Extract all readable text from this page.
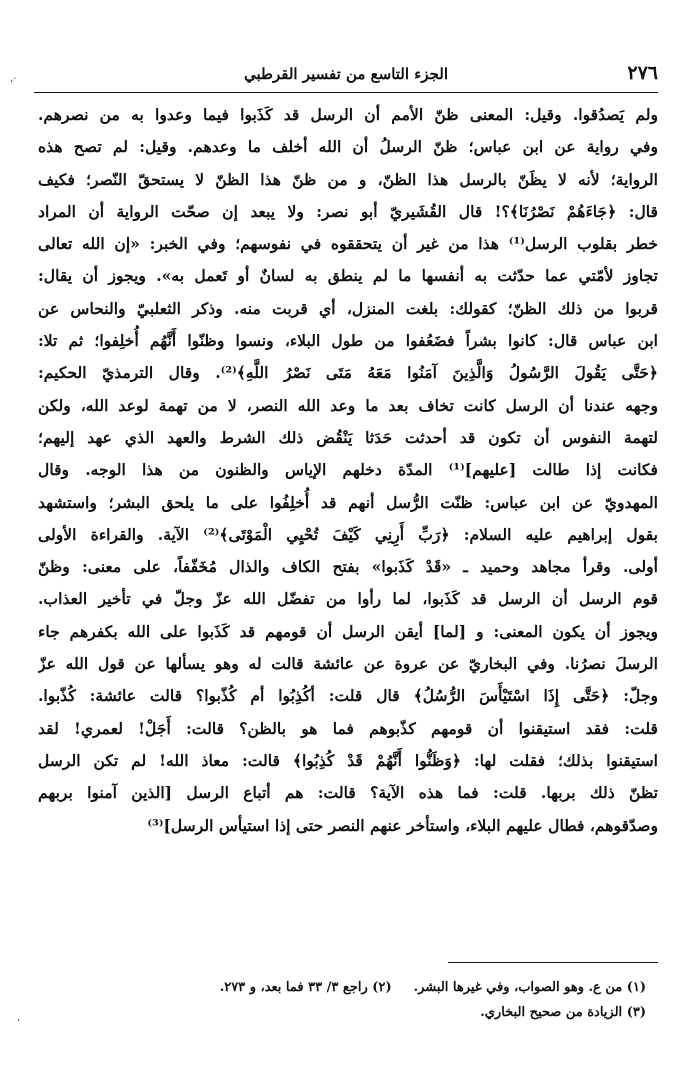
٢٧٦
الجزء التاسع من تفسير القرطبي
·،
ولم يَصدُقوا. وقيل: المعنى ظنّ الأمم أن الرسل قد كَذَبوا فيما وعدوا به من نصرهم.
وفي رواية عن ابن عباس؛ ظنّ الرسلُ أن الله أخلف ما وعدهم. وقيل: لم تصح هذه
الرواية؛ لأنه لا يظَنّ بالرسل هذا الظنّ، و من ظنّ هذا الظنّ لا يستحقّ النّصر؛ فكيف
قال: ﴿جَاءَهُمْ نَصْرُنَا﴾؟! قال القُشَيريّ أبو نصر: ولا يبعد إن صحّت الرواية أن المراد
خطر بقلوب الرسل⁽¹⁾ هذا من غير أن يتحققوه في نفوسهم؛ وفي الخبر: «إن الله تعالى
تجاوز لأمّتي عما حدّثت به أنفسها ما لم ينطق به لسانٌ أو تَعمل به». ويجوز أن يقال:
قربوا من ذلك الظنّ؛ كقولك: بلغت المنزل، أي قربت منه. وذكر الثعلبيّ والنحاس عن
ابن عباس قال: كانوا بشراً فضَعُفوا من طول البلاء، ونسوا وظنّوا أَنَّهُم أُخلِفوا؛ ثم تلا:
﴿حَتَّى يَقُولَ الرَّسُولُ وَالَّذِينَ آمَنُوا مَعَهُ مَتَى نَصْرُ اللَّهِ﴾⁽²⁾. وقال الترمذيّ الحكيم:
وجهه عندنا أن الرسل كانت تخاف بعد ما وعد الله النصر، لا من تهمة لوعد الله، ولكن
لتهمة النفوس أن تكون قد أحدثت حَدَثا يَنْقُض ذلك الشرط والعهد الذي عهد إليهم؛
فكانت إذا طالت [عليهم]⁽¹⁾ المدّة دخلهم الإياس والظنون من هذا الوجه. وقال
المهدويّ عن ابن عباس: ظنّت الرُّسل أنهم قد أُخلِفُوا على ما يلحق البشر؛ واستشهد
بقول إبراهيم عليه السلام: ﴿رَبِّ أَرِنِي كَيْفَ تُحْيِي الْمَوْتَى﴾⁽²⁾ الآية. والقراءة الأولى
أولى. وقرأ مجاهد وحميد ـ «قَدْ كَذَبوا» بفتح الكاف والذال مُخَفّفاً، على معنى: وظنّ
قوم الرسل أن الرسل قد كَذَبوا، لما رأوا من تفضّل الله عزّ وجلّ في تأخير العذاب.
ويجوز أن يكون المعنى: و [لما] أيقن الرسل أن قومهم قد كَذَبوا على الله بكفرهم جاء
الرسلَ نصرُنا. وفي البخاريّ عن عروة عن عائشة قالت له وهو يسألها عن قول الله عزّ
وجلّ: ﴿حَتَّى إِذَا اسْتَيْأَسَ الرُّسُلُ﴾ قال قلت: أكُذِبُوا أم كُذّبوا؟ قالت عائشة: كُذّبوا.
قلت: فقد استيقنوا أن قومهم كذّبوهم فما هو بالظن؟ قالت: أَجَلْ! لعمري! لقد
استيقنوا بذلك؛ فقلت لها: ﴿وَظَنُّوا أَنَّهُمْ قَدْ كُذِبُوا﴾ قالت: معاذ الله! لم تكن الرسل
تظنّ ذلك بربها. قلت: فما هذه الآية؟ قالت: هم أتباع الرسل [الذين آمنوا بربهم
وصدّقوهم، فطال عليهم البلاء، واستأخر عنهم النصر حتى إذا استيأس الرسل]⁽³⁾
(١) من ع. وهو الصواب، وفي غيرها البشر.(٢) راجع ٣/ ٣٣ فما بعد، و ٢٧٣.
(٣) الزيادة من صحيح البخاري.
،
